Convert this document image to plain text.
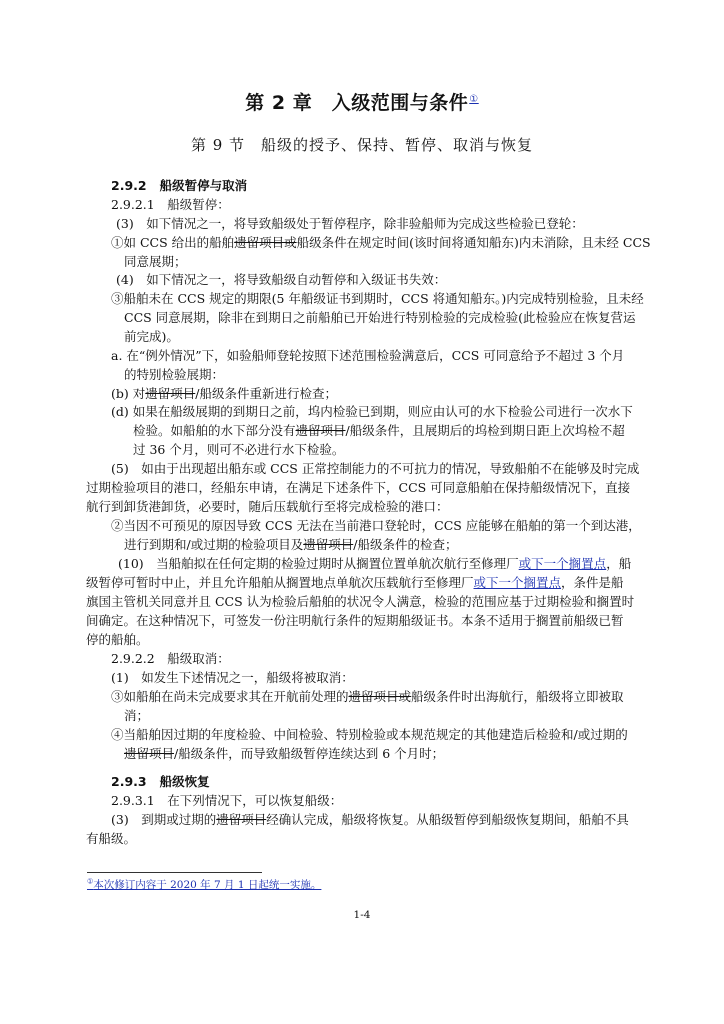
第 2 章　入级范围与条件①
第 9 节　船级的授予、保持、暂停、取消与恢复
2.9.2 船级暂停与取消
2.9.2.1　船级暂停：
(3)　如下情况之一，将导致船级处于暂停程序，除非验船师为完成这些检验已登轮：
①如 CCS 给出的船舶遗留项目或船级条件在规定时间(该时间将通知船东)内未消除，且未经 CCS
同意展期；
(4)　如下情况之一，将导致船级自动暂停和入级证书失效：
③船舶未在 CCS 规定的期限(5 年船级证书到期时，CCS 将通知船东。)内完成特别检验，且未经
CCS 同意展期，除非在到期日之前船舶已开始进行特别检验的完成检验(此检验应在恢复营运
前完成)。
a. 在“例外情况”下，如验船师登轮按照下述范围检验满意后，CCS 可同意给予不超过 3 个月
的特别检验展期：
(b) 对遗留项目/船级条件重新进行检查；
(d) 如果在船级展期的到期日之前，坞内检验已到期，则应由认可的水下检验公司进行一次水下
检验。如船舶的水下部分没有遗留项目/船级条件，且展期后的坞检到期日距上次坞检不超
过 36 个月，则可不必进行水下检验。
(5)　如由于出现超出船东或 CCS 正常控制能力的不可抗力的情况，导致船舶不在能够及时完成
过期检验项目的港口，经船东申请，在满足下述条件下，CCS 可同意船舶在保持船级情况下，直接
航行到卸货港卸货，必要时，随后压载航行至将完成检验的港口：
②当因不可预见的原因导致 CCS 无法在当前港口登轮时，CCS 应能够在船舶的第一个到达港，
进行到期和/或过期的检验项目及遗留项目/船级条件的检查；
(10)　当船舶拟在任何定期的检验过期时从搁置位置单航次航行至修理厂或下一个搁置点，船
级暂停可暂时中止，并且允许船舶从搁置地点单航次压载航行至修理厂或下一个搁置点，条件是船
旗国主管机关同意并且 CCS 认为检验后船舶的状况令人满意，检验的范围应基于过期检验和搁置时
间确定。在这种情况下，可签发一份注明航行条件的短期船级证书。本条不适用于搁置前船级已暂
停的船舶。
2.9.2.2　船级取消：
(1)　如发生下述情况之一，船级将被取消：
③如船舶在尚未完成要求其在开航前处理的遗留项目或船级条件时出海航行，船级将立即被取
消；
④当船舶因过期的年度检验、中间检验、特别检验或本规范规定的其他建造后检验和/或过期的
遗留项目/船级条件，而导致船级暂停连续达到 6 个月时；
2.9.3 船级恢复
2.9.3.1　在下列情况下，可以恢复船级：
(3)　到期或过期的遗留项目经确认完成，船级将恢复。从船级暂停到船级恢复期间，船舶不具
有船级。
①本次修订内容于 2020 年 7 月 1 日起统一实施。
1-4
